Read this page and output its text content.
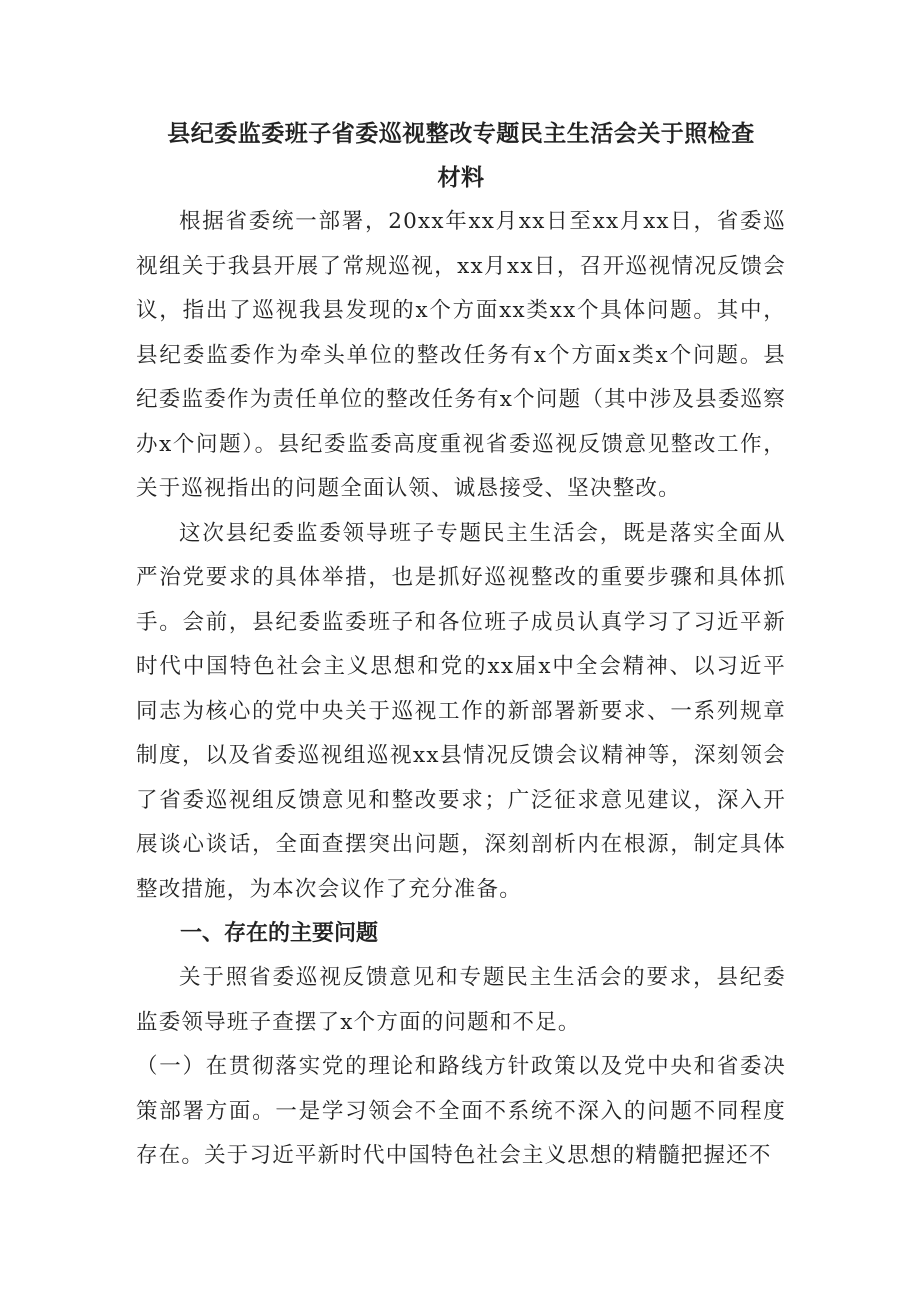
县纪委监委班子省委巡视整改专题民主生活会关于照检查

材料

根据省委统一部署，20xx年xx月xx日至xx月xx日，省委巡视组关于我县开展了常规巡视，xx月xx日，召开巡视情况反馈会议，指出了巡视我县发现的x个方面xx类xx个具体问题。其中，县纪委监委作为牵头单位的整改任务有x个方面x类x个问题。县纪委监委作为责任单位的整改任务有x个问题（其中涉及县委巡察办x个问题）。县纪委监委高度重视省委巡视反馈意见整改工作，关于巡视指出的问题全面认领、诚恳接受、坚决整改。

这次县纪委监委领导班子专题民主生活会，既是落实全面从严治党要求的具体举措，也是抓好巡视整改的重要步骤和具体抓手。会前，县纪委监委班子和各位班子成员认真学习了习近平新时代中国特色社会主义思想和党的xx届x中全会精神、以习近平同志为核心的党中央关于巡视工作的新部署新要求、一系列规章制度，以及省委巡视组巡视xx县情况反馈会议精神等，深刻领会了省委巡视组反馈意见和整改要求；广泛征求意见建议，深入开展谈心谈话，全面查摆突出问题，深刻剖析内在根源，制定具体整改措施，为本次会议作了充分准备。

一、存在的主要问题

关于照省委巡视反馈意见和专题民主生活会的要求，县纪委监委领导班子查摆了x个方面的问题和不足。

（一）在贯彻落实党的理论和路线方针政策以及党中央和省委决策部署方面。一是学习领会不全面不系统不深入的问题不同程度存在。关于习近平新时代中国特色社会主义思想的精髓把握还不
